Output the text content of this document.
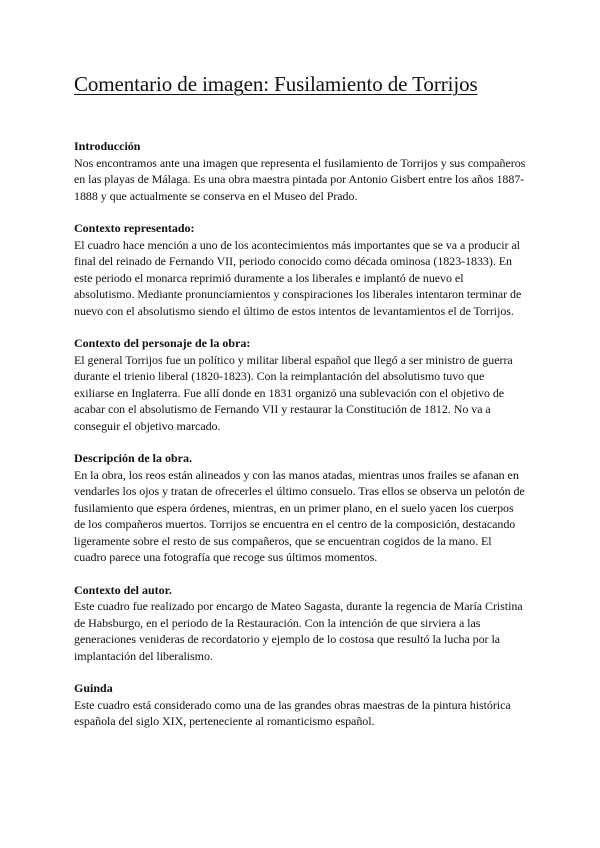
Comentario de imagen: Fusilamiento de Torrijos

Introducción

Nos encontramos ante una imagen que representa el fusilamiento de Torrijos y sus compañeros en las playas de Málaga. Es una obra maestra pintada por Antonio Gisbert entre los años 1887-1888 y que actualmente se conserva en el Museo del Prado.

Contexto representado:

El cuadro hace mención a uno de los acontecimientos más importantes que se va a producir al final del reinado de Fernando VII, periodo conocido como década ominosa (1823-1833). En este periodo el monarca reprimió duramente a los liberales e implantó de nuevo el absolutismo. Mediante pronunciamientos y conspiraciones los liberales intentaron terminar de nuevo con el absolutismo siendo el último de estos intentos de levantamientos el de Torrijos.

Contexto del personaje de la obra:

El general Torrijos fue un político y militar liberal español que llegó a ser ministro de guerra durante el trienio liberal (1820-1823). Con la reimplantación del absolutismo tuvo que exiliarse en Inglaterra. Fue allí donde en 1831 organizó una sublevación con el objetivo de acabar con el absolutismo de Fernando VII y restaurar la Constitución de 1812. No va a conseguir el objetivo marcado.

Descripción de la obra.

En la obra, los reos están alineados y con las manos atadas, mientras unos frailes se afanan en vendarles los ojos y tratan de ofrecerles el último consuelo. Tras ellos se observa un pelotón de fusilamiento que espera órdenes, mientras, en un primer plano, en el suelo yacen los cuerpos de los compañeros muertos. Torrijos se encuentra en el centro de la composición, destacando ligeramente sobre el resto de sus compañeros, que se encuentran cogidos de la mano. El cuadro parece una fotografía que recoge sus últimos momentos.

Contexto del autor.

Este cuadro fue realizado por encargo de Mateo Sagasta, durante la regencia de María Cristina de Habsburgo, en el periodo de la Restauración. Con la intención de que sirviera a las generaciones venideras de recordatorio y ejemplo de lo costosa que resultó la lucha por la implantación del liberalismo.

Guinda

Este cuadro está considerado como una de las grandes obras maestras de la pintura histórica española del siglo XIX, perteneciente al romanticismo español.
